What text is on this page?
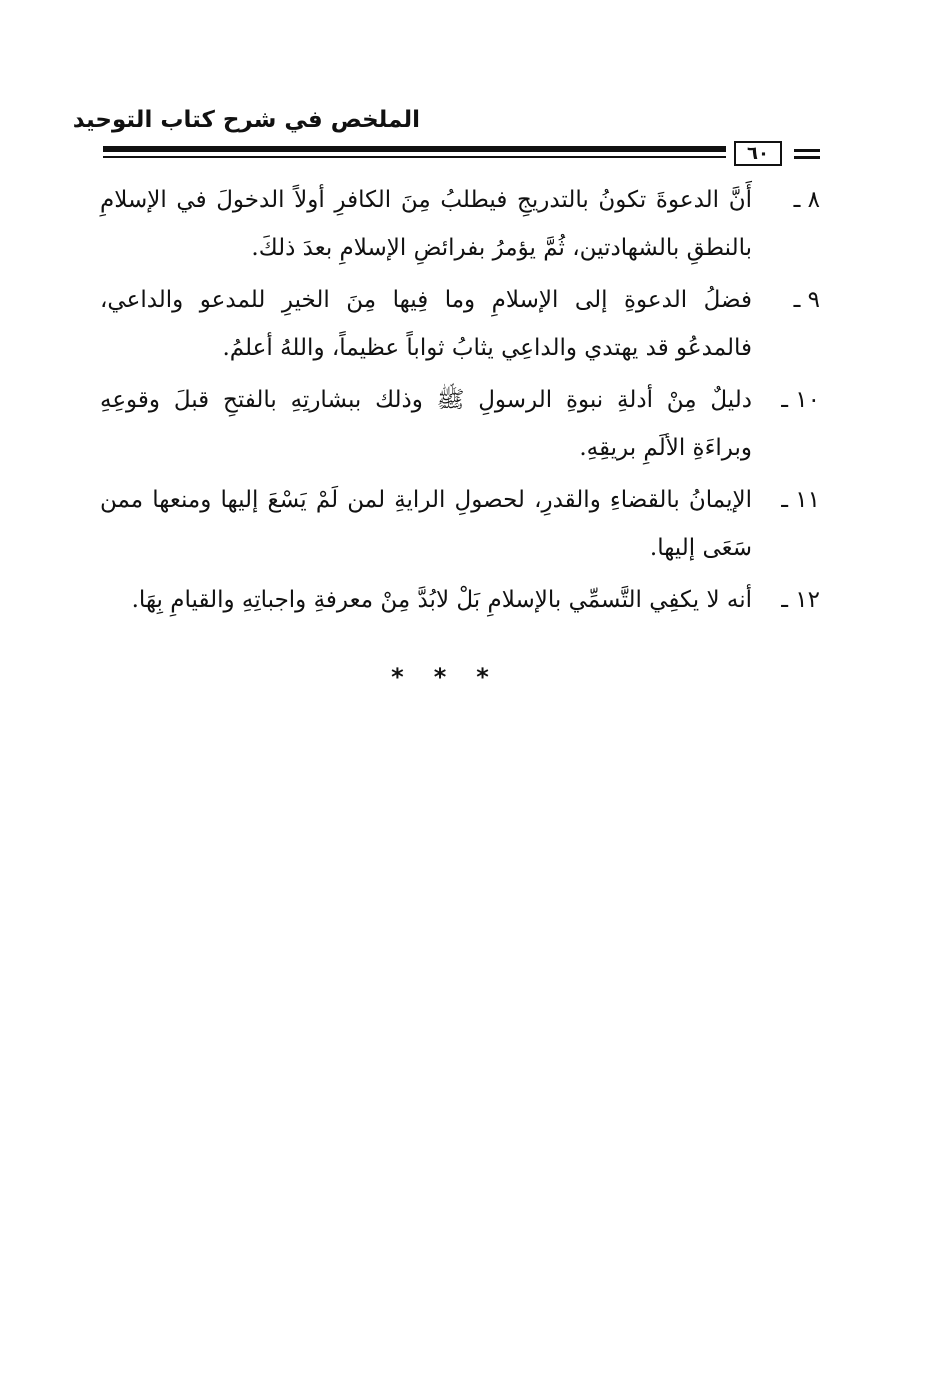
الملخص في شرح كتاب التوحيد
٦٠
٨ ـ
أَنَّ الدعوةَ تكونُ بالتدريجِ فيطلبُ مِنَ الكافرِ أولاً الدخولَ في الإسلامِ بالنطقِ بالشهادتين، ثُمَّ يؤمرُ بفرائضِ الإسلامِ بعدَ ذلكَ.
٩ ـ
فضلُ الدعوةِ إلى الإسلامِ وما فِيها مِنَ الخيرِ للمدعو والداعي، فالمدعُو قد يهتدي والداعِي يثابُ ثواباً عظيماً، واللهُ أعلمُ.
١٠ ـ
دليلٌ مِنْ أدلةِ نبوةِ الرسولِ ﷺ وذلك ببشارتِهِ بالفتحِ قبلَ وقوعِهِ وبراءَةِ الألَمِ بريقِهِ.
١١ ـ
الإيمانُ بالقضاءِ والقدرِ، لحصولِ الرايةِ لمن لَمْ يَسْعَ إليها ومنعها ممن سَعَى إليها.
١٢ ـ
أنه لا يكفِي التَّسمِّي بالإسلامِ بَلْ لابُدَّ مِنْ معرفةِ واجباتِهِ والقيامِ بِهَا.
***
